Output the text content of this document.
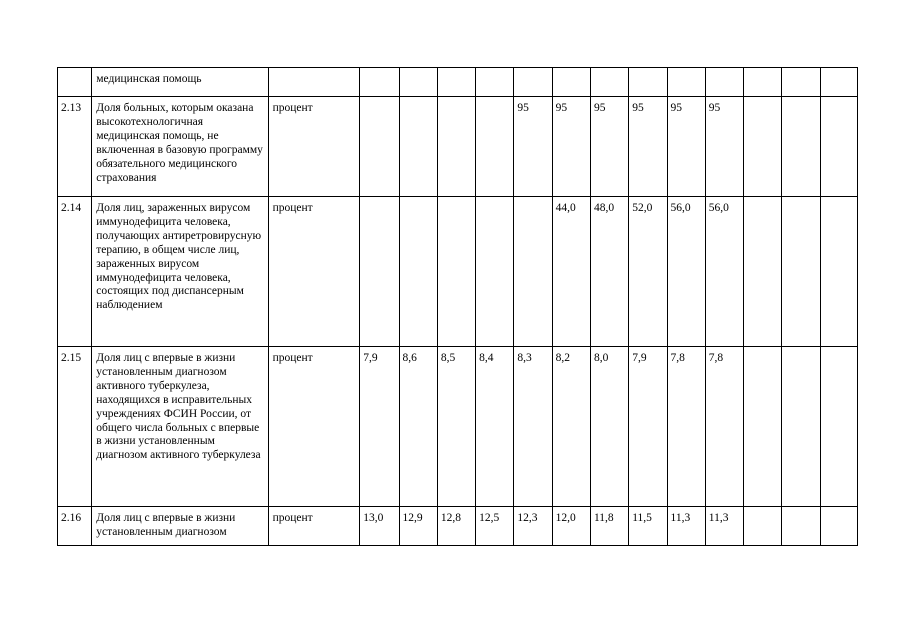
	медицинская помощь														
2.13	Доля больных, которым оказана высокотехнологичная медицинская помощь, не включенная в базовую программу обязательного медицинского страхования	процент					95	95	95	95	95	95			
2.14	Доля лиц, зараженных вирусом иммунодефицита человека, получающих антиретровирусную терапию, в общем числе лиц, зараженных вирусом иммунодефицита человека, состоящих под диспансерным наблюдением	процент						44,0	48,0	52,0	56,0	56,0			
2.15	Доля лиц с впервые в жизни установленным диагнозом активного туберкулеза, находящихся в исправительных учреждениях ФСИН России, от общего числа больных с впервые в жизни установленным диагнозом активного туберкулеза	процент	7,9	8,6	8,5	8,4	8,3	8,2	8,0	7,9	7,8	7,8			
2.16	Доля лиц с впервые в жизни установленным диагнозом	процент	13,0	12,9	12,8	12,5	12,3	12,0	11,8	11,5	11,3	11,3			
